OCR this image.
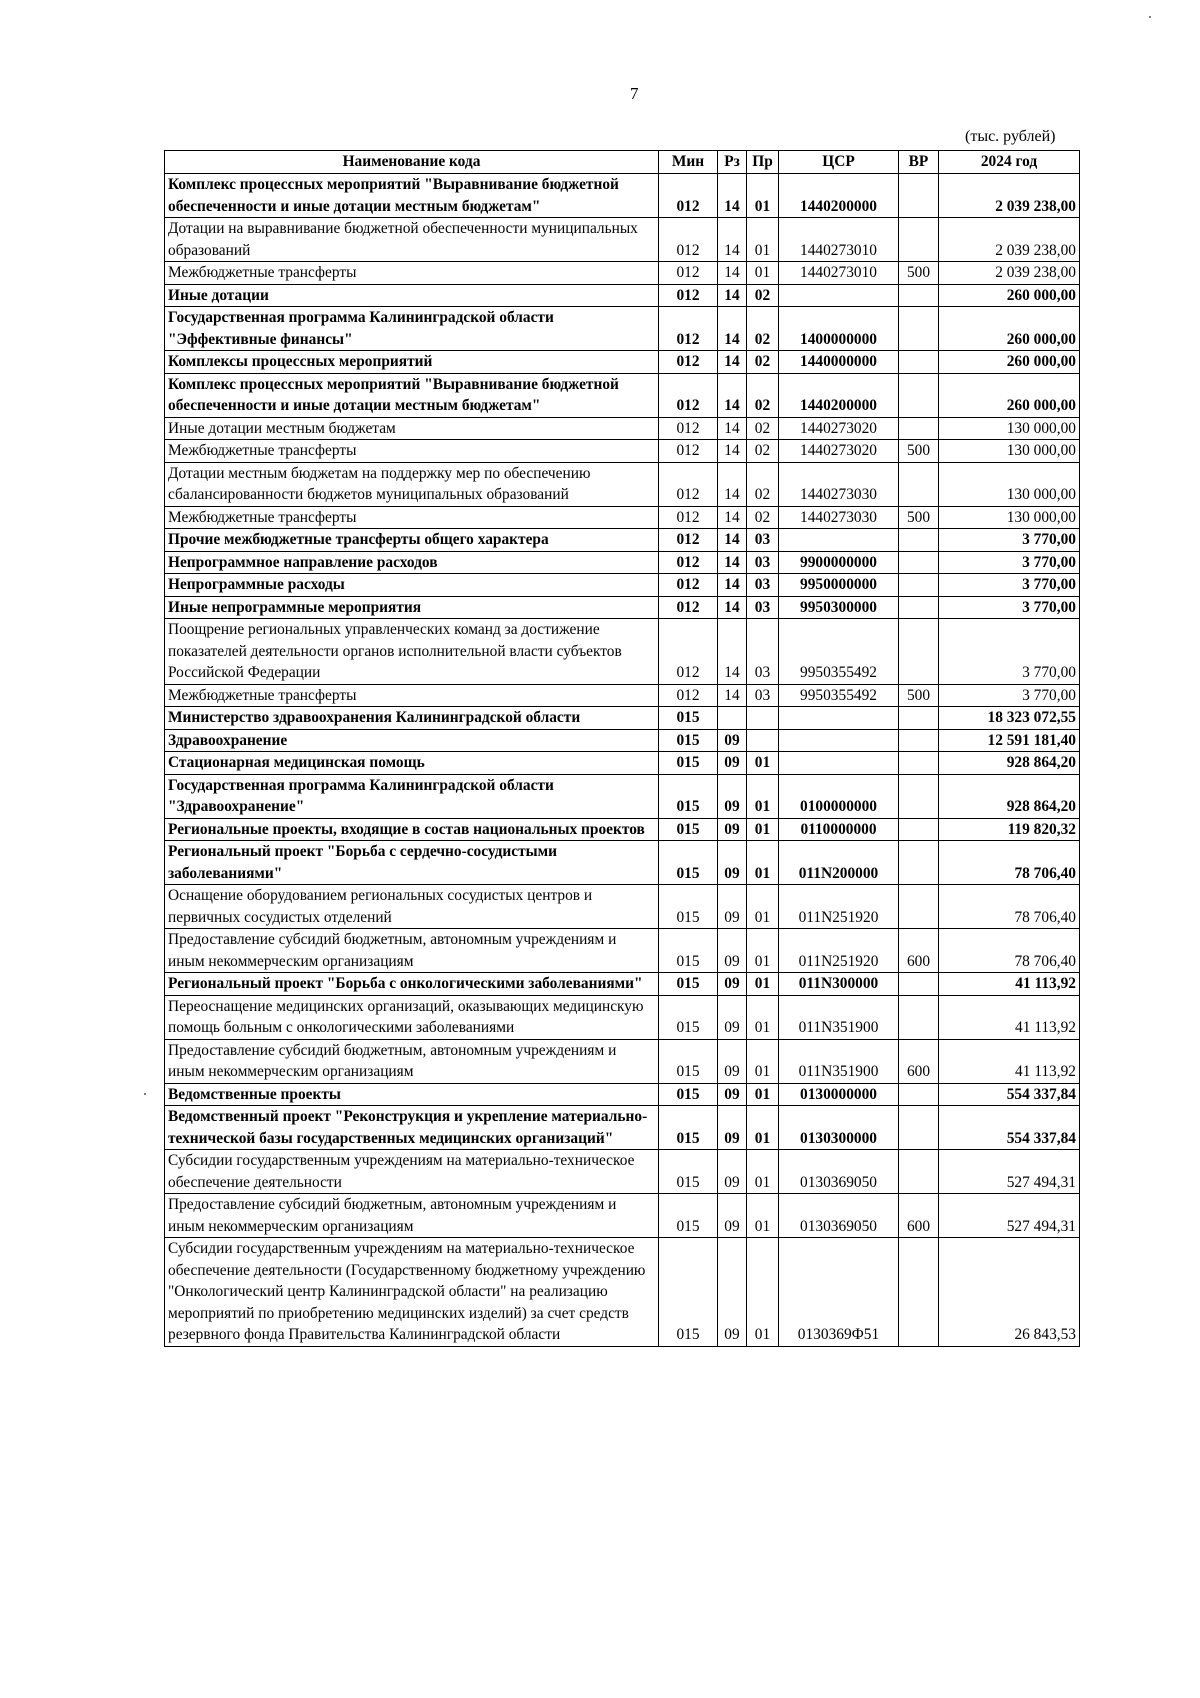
7
(тыс. рублей)
Наименование кода	Мин	Рз	Пр	ЦСР	ВР	2024 год
Комплекс процессных мероприятий "Выравнивание бюджетной обеспеченности и иные дотации местным бюджетам"	012	14	01	1440200000		2 039 238,00
Дотации на выравнивание бюджетной обеспеченности муниципальных образований	012	14	01	1440273010		2 039 238,00
Межбюджетные трансферты	012	14	01	1440273010	500	2 039 238,00
Иные дотации	012	14	02			260 000,00
Государственная программа Калининградской области "Эффективные финансы"	012	14	02	1400000000		260 000,00
Комплексы процессных мероприятий	012	14	02	1440000000		260 000,00
Комплекс процессных мероприятий "Выравнивание бюджетной обеспеченности и иные дотации местным бюджетам"	012	14	02	1440200000		260 000,00
Иные дотации местным бюджетам	012	14	02	1440273020		130 000,00
Межбюджетные трансферты	012	14	02	1440273020	500	130 000,00
Дотации местным бюджетам на поддержку мер по обеспечению сбалансированности бюджетов муниципальных образований	012	14	02	1440273030		130 000,00
Межбюджетные трансферты	012	14	02	1440273030	500	130 000,00
Прочие межбюджетные трансферты общего характера	012	14	03			3 770,00
Непрограммное направление расходов	012	14	03	9900000000		3 770,00
Непрограммные расходы	012	14	03	9950000000		3 770,00
Иные непрограммные мероприятия	012	14	03	9950300000		3 770,00
Поощрение региональных управленческих команд за достижение показателей деятельности органов исполнительной власти субъектов Российской Федерации	012	14	03	9950355492		3 770,00
Межбюджетные трансферты	012	14	03	9950355492	500	3 770,00
Министерство здравоохранения Калининградской области	015					18 323 072,55
Здравоохранение	015	09				12 591 181,40
Стационарная медицинская помощь	015	09	01			928 864,20
Государственная программа Калининградской области "Здравоохранение"	015	09	01	0100000000		928 864,20
Региональные проекты, входящие в состав национальных проектов	015	09	01	0110000000		119 820,32
Региональный проект "Борьба с сердечно-сосудистыми заболеваниями"	015	09	01	011N200000		78 706,40
Оснащение оборудованием региональных сосудистых центров и первичных сосудистых отделений	015	09	01	011N251920		78 706,40
Предоставление субсидий бюджетным, автономным учреждениям и иным некоммерческим организациям	015	09	01	011N251920	600	78 706,40
Региональный проект "Борьба с онкологическими заболеваниями"	015	09	01	011N300000		41 113,92
Переоснащение медицинских организаций, оказывающих медицинскую помощь больным с онкологическими заболеваниями	015	09	01	011N351900		41 113,92
Предоставление субсидий бюджетным, автономным учреждениям и иным некоммерческим организациям	015	09	01	011N351900	600	41 113,92
Ведомственные проекты	015	09	01	0130000000		554 337,84
Ведомственный проект "Реконструкция и укрепление материально-технической базы государственных медицинских организаций"	015	09	01	0130300000		554 337,84
Субсидии государственным учреждениям на материально-техническое обеспечение деятельности	015	09	01	0130369050		527 494,31
Предоставление субсидий бюджетным, автономным учреждениям и иным некоммерческим организациям	015	09	01	0130369050	600	527 494,31
Субсидии государственным учреждениям на материально-техническое обеспечение деятельности (Государственному бюджетному учреждению "Онкологический центр Калининградской области" на реализацию мероприятий по приобретению медицинских изделий) за счет средств резервного фонда Правительства Калининградской области	015	09	01	0130369Ф51		26 843,53
